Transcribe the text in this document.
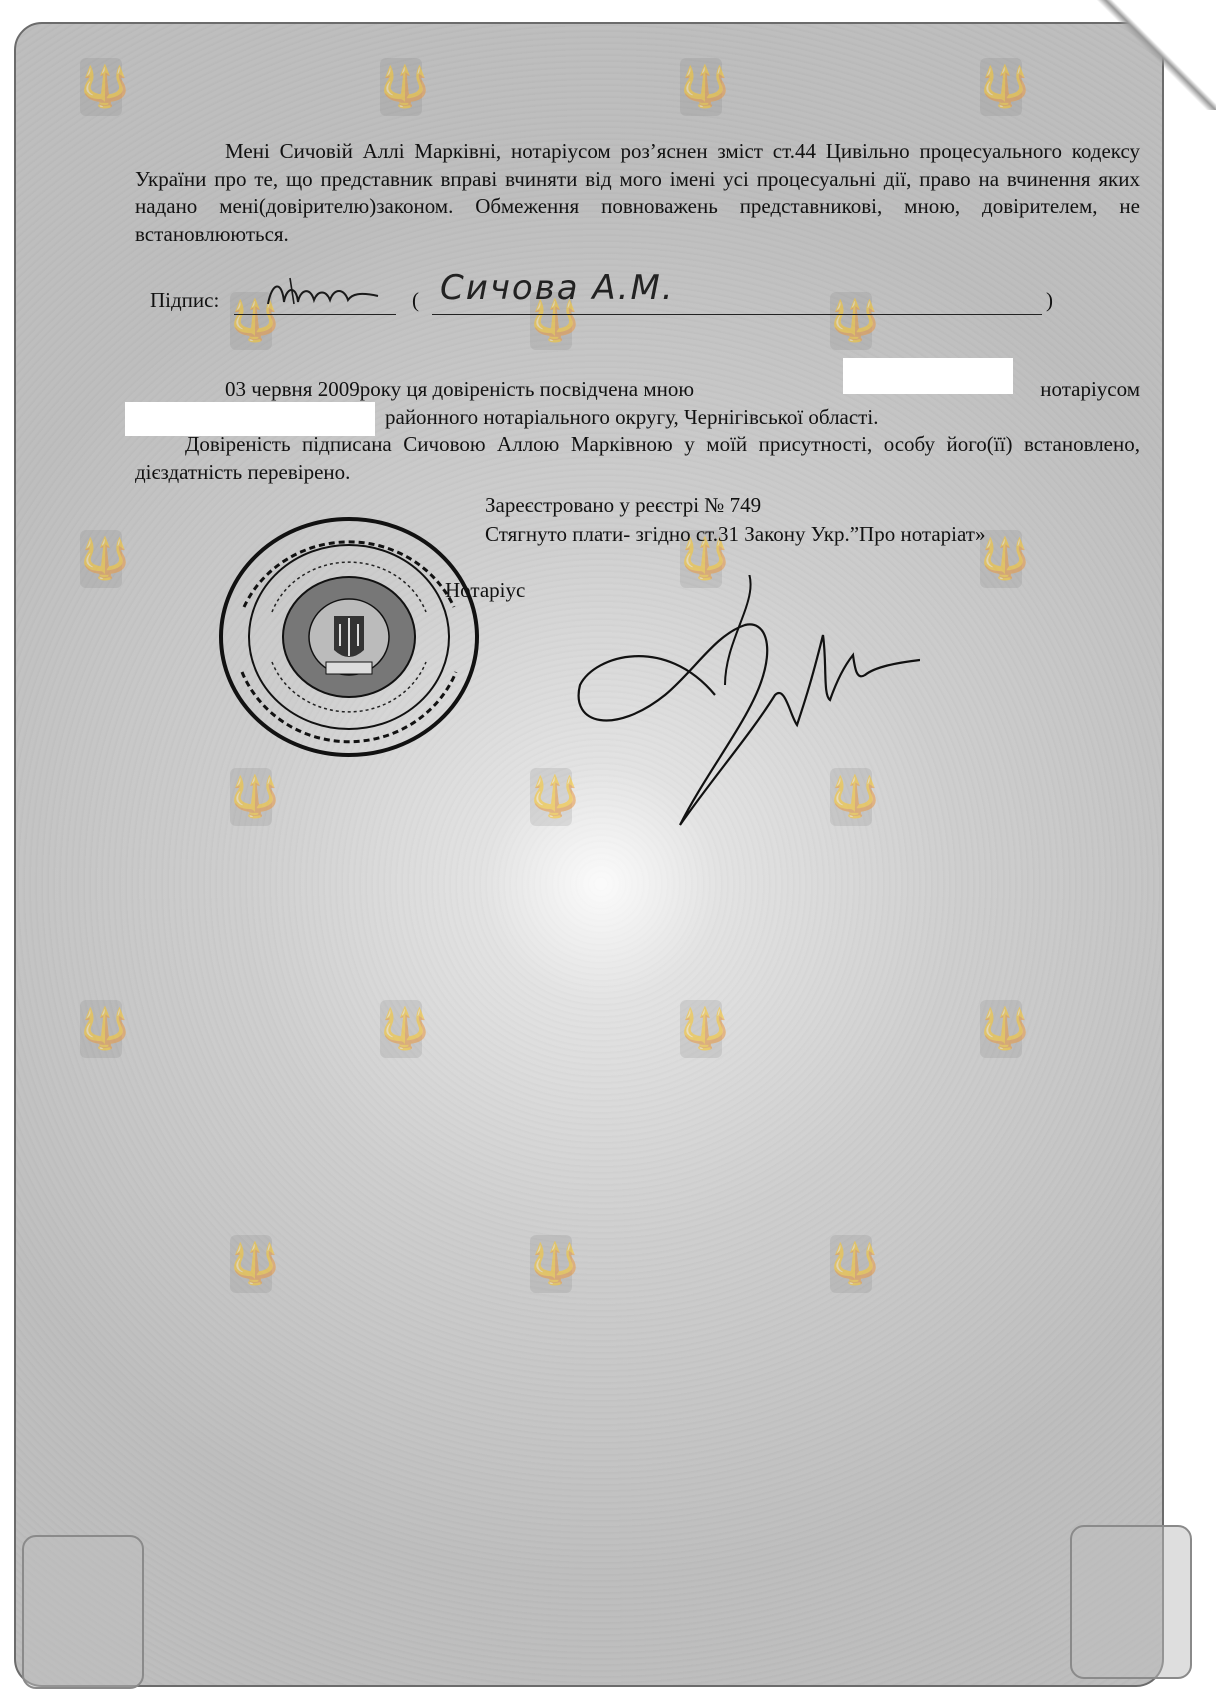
🔱	🔱	🔱	🔱
🔱	🔱	🔱
🔱	🔱	🔱
🔱	🔱	🔱
🔱	🔱	🔱	🔱
🔱	🔱	🔱
Мені Сичовій Аллі Марківні, нотаріусом роз’яснен зміст ст.44 Цивільно процесуального кодексу України про те, що представник вправі вчиняти від мого імені усі процесуальні дії, право на вчинення яких надано мені(довірителю)законом. Обмеження повноважень представникові, мною, довірителем, не встановлюються.
Підпис:	( Сичова А.М.	)
03 червня 2009року ця довіреність посвідчена мною	нотаріусом
районного нотаріального округу, Чернігівської області.
Довіреність підписана Сичовою Аллою Марківною у моїй присутності, особу його(її) встановлено, дієздатність перевірено.
Зареєстровано у реєстрі № 749
Стягнуто плати- згідно ст.31 Закону Укр.”Про нотаріат»
Нотаріус
